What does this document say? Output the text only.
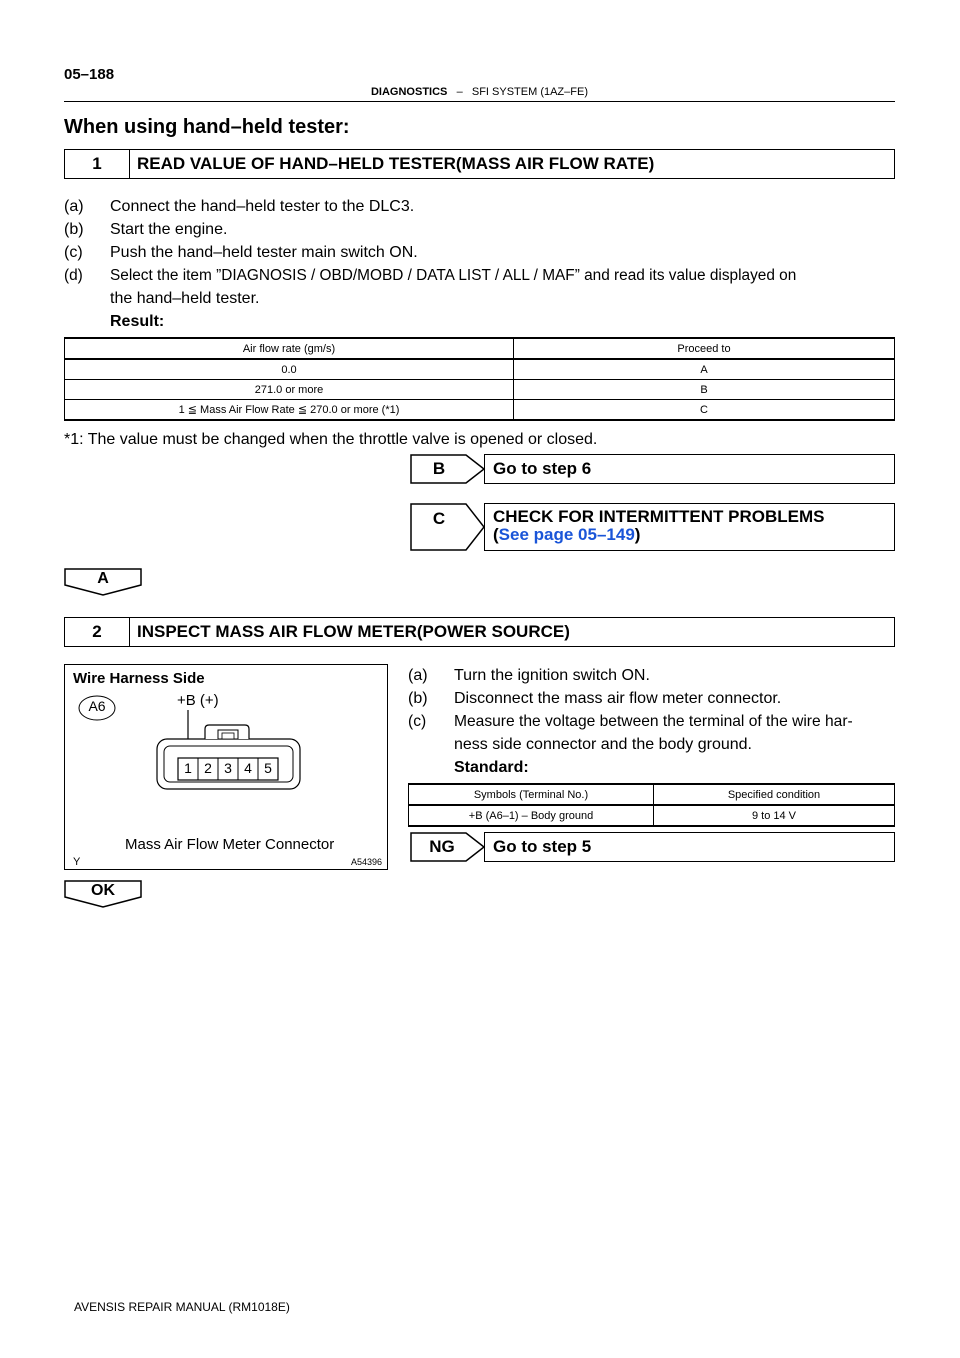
05–188
DIAGNOSTICS – SFI SYSTEM (1AZ–FE)
When using hand–held tester:
1	READ VALUE OF HAND–HELD TESTER(MASS AIR FLOW RATE)
(a) Connect the hand–held tester to the DLC3.
(b) Start the engine.
(c) Push the hand–held tester main switch ON.
(d) Select the item ”DIAGNOSIS / OBD/MOBD / DATA LIST / ALL / MAF” and read its value displayed on
the hand–held tester.
Result:
Air flow rate (gm/s)	Proceed to
0.0	A
271.0 or more	B
1 ≦ Mass Air Flow Rate ≦ 270.0 or more (*1)	C
*1: The value must be changed when the throttle valve is opened or closed.
B	Go to step 6
C	CHECK FOR INTERMITTENT PROBLEMS
(See page 05–149)
A
2	INSPECT MASS AIR FLOW METER(POWER SOURCE)
Wire Harness Side
A6	+B (+)
1 2 3 4 5
Mass Air Flow Meter Connector
Y	A54396
(a) Turn the ignition switch ON.
(b) Disconnect the mass air flow meter connector.
(c) Measure the voltage between the terminal of the wire har-
ness side connector and the body ground.
Standard:
Symbols (Terminal No.)	Specified condition
+B (A6–1) – Body ground	9 to 14 V
NG	Go to step 5
OK
AVENSIS REPAIR MANUAL (RM1018E)
